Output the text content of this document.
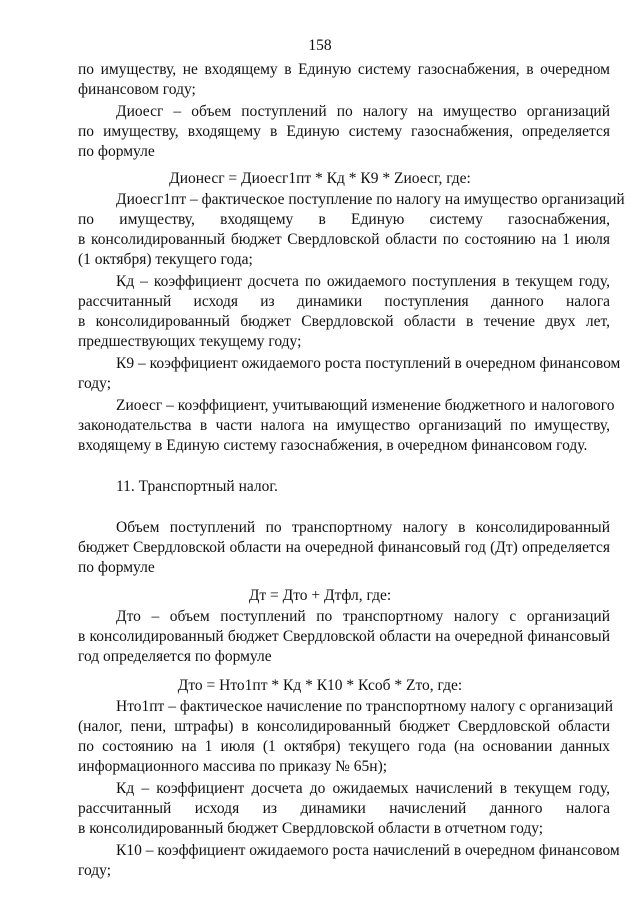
158
по имуществу, не входящему в Единую систему газоснабжения, в очередном
финансовом году;
Диоесг – объем поступлений по налогу на имущество организаций
по имуществу, входящему в Единую систему газоснабжения, определяется
по формуле
Дионесг = Диоесг1пт * Кд * К9 * Zиоесг, где:
Диоесг1пт – фактическое поступление по налогу на имущество организаций
по имуществу, входящему в Единую систему газоснабжения,
в консолидированный бюджет Свердловской области по состоянию на 1 июля
(1 октября) текущего года;
Кд – коэффициент досчета по ожидаемого поступления в текущем году,
рассчитанный исходя из динамики поступления данного налога
в консолидированный бюджет Свердловской области в течение двух лет,
предшествующих текущему году;
К9 – коэффициент ожидаемого роста поступлений в очередном финансовом
году;
Zиоесг – коэффициент, учитывающий изменение бюджетного и налогового
законодательства в части налога на имущество организаций по имуществу,
входящему в Единую систему газоснабжения, в очередном финансовом году.
11. Транспортный налог.
Объем поступлений по транспортному налогу в консолидированный
бюджет Свердловской области на очередной финансовый год (Дт) определяется
по формуле
Дт = Дто + Дтфл, где:
Дто – объем поступлений по транспортному налогу с организаций
в консолидированный бюджет Свердловской области на очередной финансовый
год определяется по формуле
Дто = Нто1пт * Кд * К10 * Ксоб * Zто, где:
Нто1пт – фактическое начисление по транспортному налогу с организаций
(налог, пени, штрафы) в консолидированный бюджет Свердловской области
по состоянию на 1 июля (1 октября) текущего года (на основании данных
информационного массива по приказу № 65н);
Кд – коэффициент досчета до ожидаемых начислений в текущем году,
рассчитанный исходя из динамики начислений данного налога
в консолидированный бюджет Свердловской области в отчетном году;
К10 – коэффициент ожидаемого роста начислений в очередном финансовом
году;
